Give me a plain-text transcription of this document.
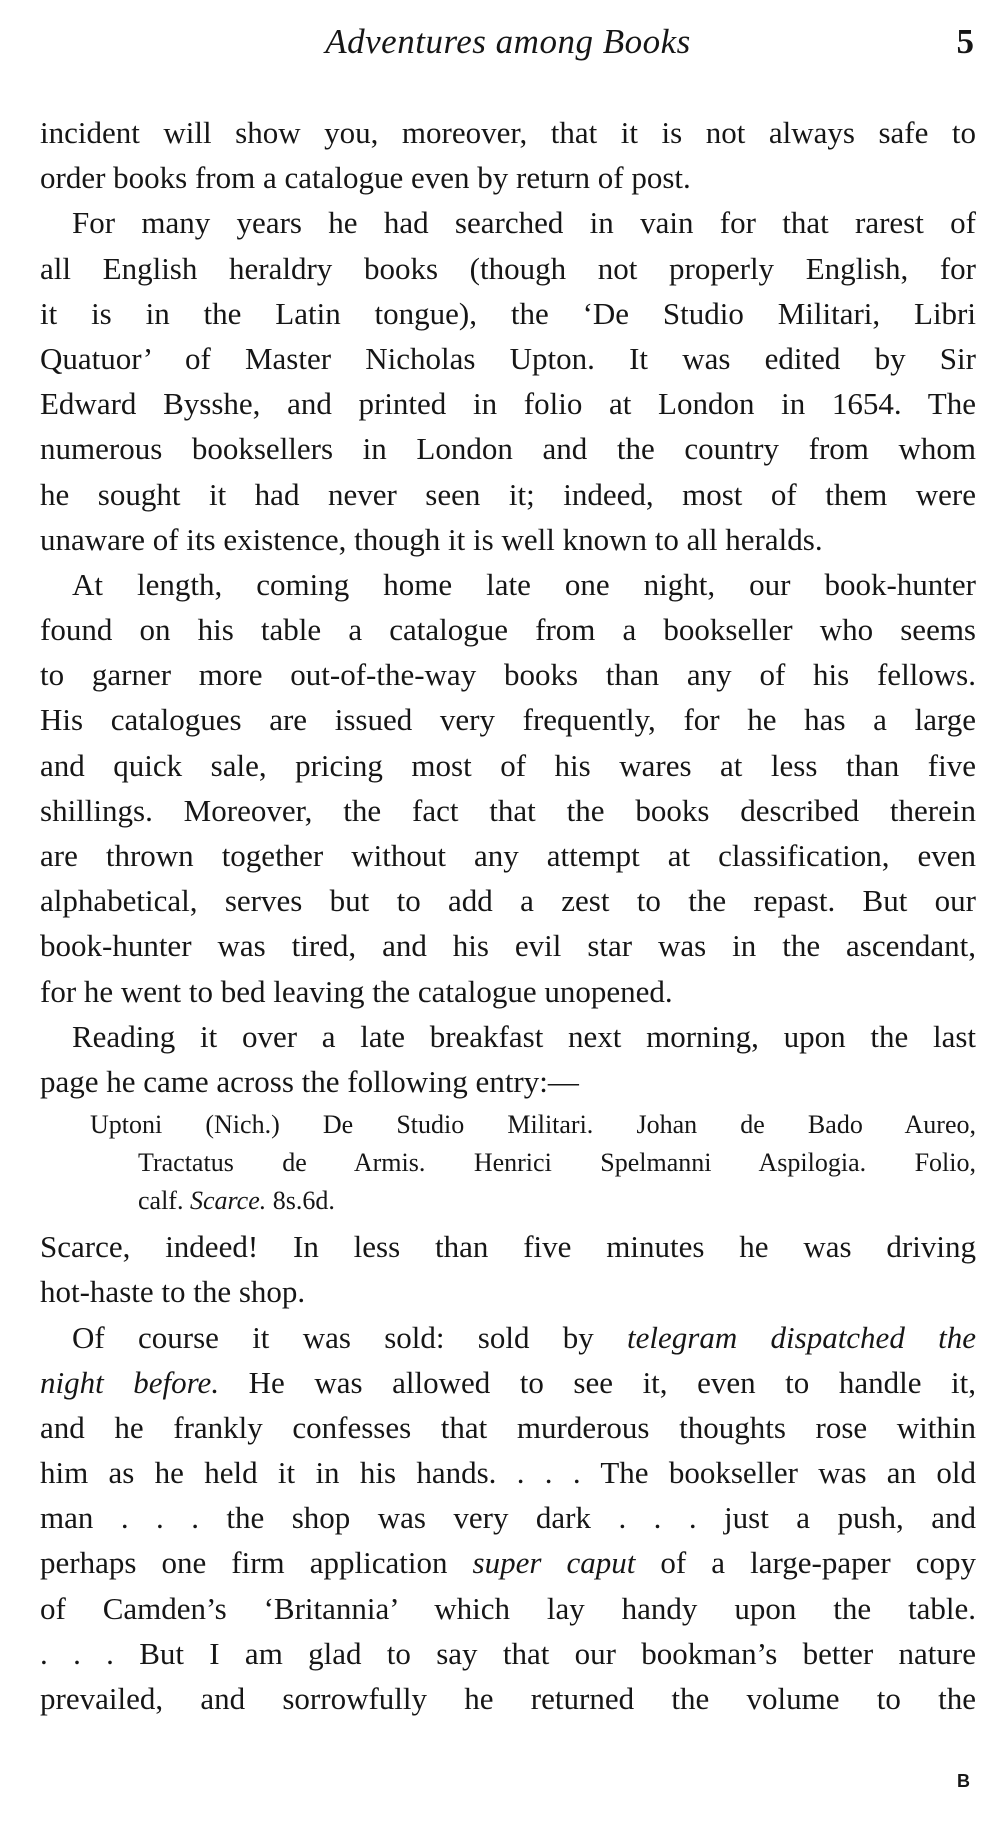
Adventures among Books	5
incident will show you, moreover, that it is not always safe to
order books from a catalogue even by return of post.
For many years he had searched in vain for that rarest of
all English heraldry books (though not properly English, for
it is in the Latin tongue), the ‘De Studio Militari, Libri
Quatuor’ of Master Nicholas Upton. It was edited by Sir
Edward Bysshe, and printed in folio at London in 1654. The
numerous booksellers in London and the country from whom
he sought it had never seen it; indeed, most of them were
unaware of its existence, though it is well known to all heralds.
At length, coming home late one night, our book-hunter
found on his table a catalogue from a bookseller who seems
to garner more out-of-the-way books than any of his fellows.
His catalogues are issued very frequently, for he has a large
and quick sale, pricing most of his wares at less than five
shillings. Moreover, the fact that the books described therein
are thrown together without any attempt at classification, even
alphabetical, serves but to add a zest to the repast. But our
book-hunter was tired, and his evil star was in the ascendant,
for he went to bed leaving the catalogue unopened.
Reading it over a late breakfast next morning, upon the last
page he came across the following entry:—
Uptoni (Nich.) De Studio Militari. Johan de Bado Aureo,
Tractatus de Armis. Henrici Spelmanni Aspilogia. Folio,
calf. Scarce. 8s.6d.
Scarce, indeed! In less than five minutes he was driving
hot-haste to the shop.
Of course it was sold: sold by telegram dispatched the
night before. He was allowed to see it, even to handle it,
and he frankly confesses that murderous thoughts rose within
him as he held it in his hands. . . . The bookseller was an old
man . . . the shop was very dark . . . just a push, and
perhaps one firm application super caput of a large-paper copy
of Camden’s ‘Britannia’ which lay handy upon the table.
. . . But I am glad to say that our bookman’s better nature
prevailed, and sorrowfully he returned the volume to the
B
